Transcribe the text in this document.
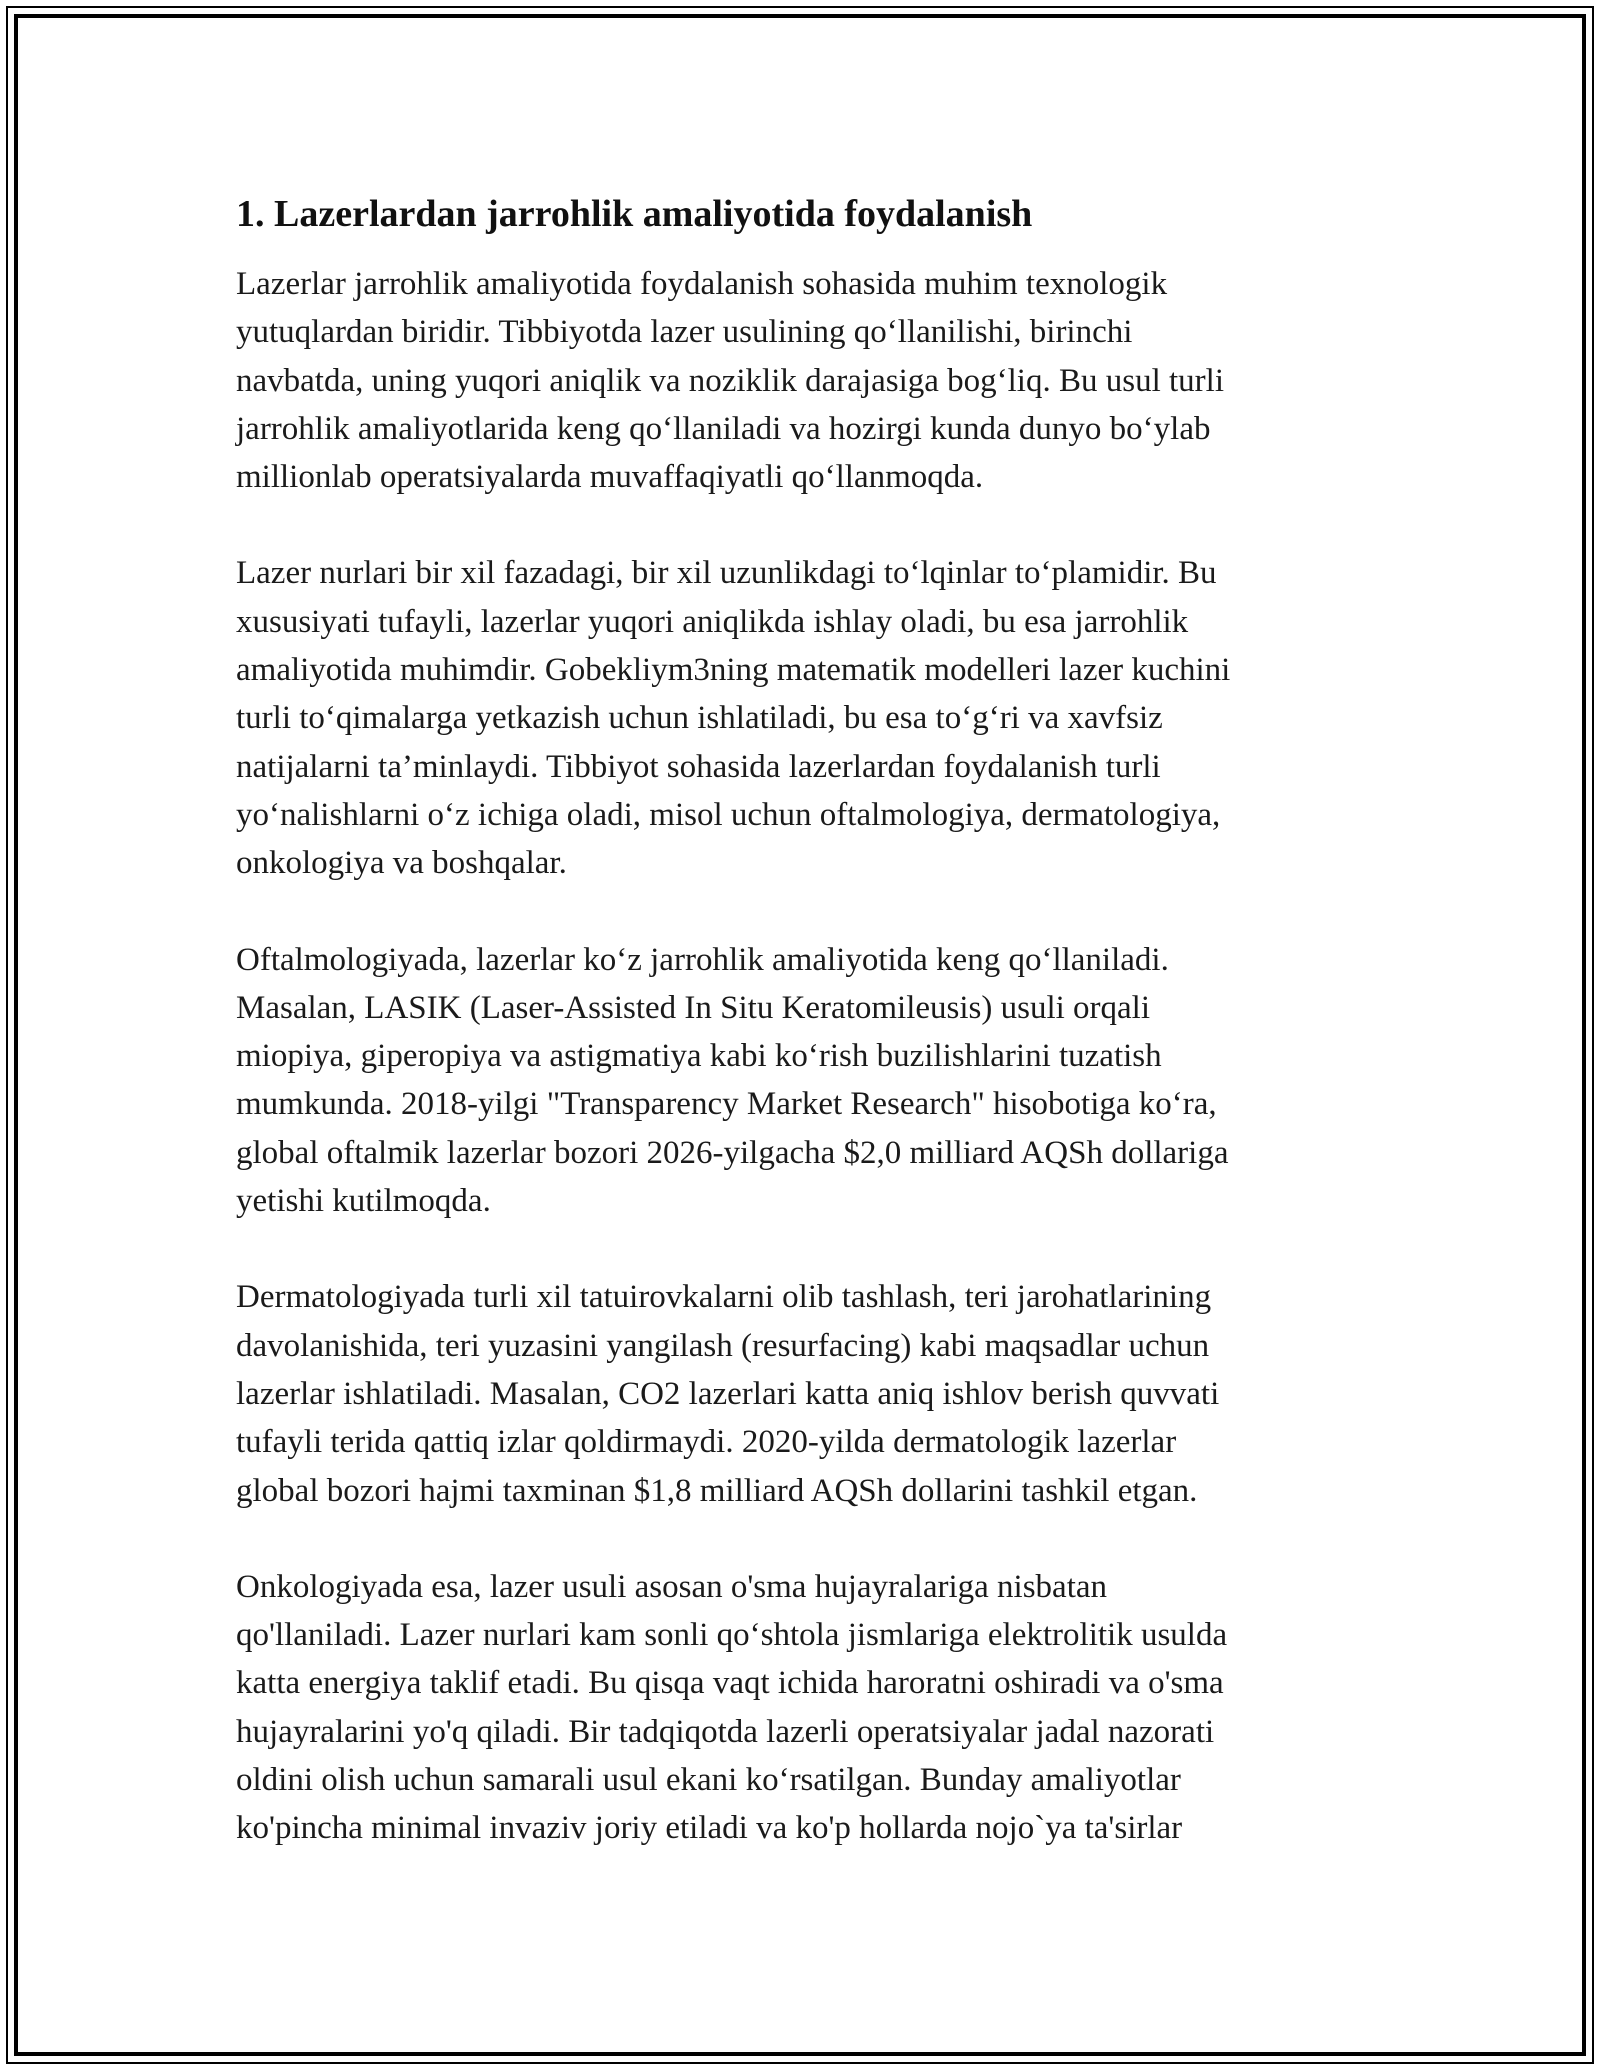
1. Lazerlardan jarrohlik amaliyotida foydalanish

Lazerlar jarrohlik amaliyotida foydalanish sohasida muhim texnologik
yutuqlardan biridir. Tibbiyotda lazer usulining qo‘llanilishi, birinchi
navbatda, uning yuqori aniqlik va noziklik darajasiga bog‘liq. Bu usul turli
jarrohlik amaliyotlarida keng qo‘llaniladi va hozirgi kunda dunyo bo‘ylab
millionlab operatsiyalarda muvaffaqiyatli qo‘llanmoqda.

Lazer nurlari bir xil fazadagi, bir xil uzunlikdagi to‘lqinlar to‘plamidir. Bu
xususiyati tufayli, lazerlar yuqori aniqlikda ishlay oladi, bu esa jarrohlik
amaliyotida muhimdir. Gobekliym3ning matematik modelleri lazer kuchini
turli to‘qimalarga yetkazish uchun ishlatiladi, bu esa to‘g‘ri va xavfsiz
natijalarni ta’minlaydi. Tibbiyot sohasida lazerlardan foydalanish turli
yo‘nalishlarni o‘z ichiga oladi, misol uchun oftalmologiya, dermatologiya,
onkologiya va boshqalar.

Oftalmologiyada, lazerlar ko‘z jarrohlik amaliyotida keng qo‘llaniladi.
Masalan, LASIK (Laser-Assisted In Situ Keratomileusis) usuli orqali
miopiya, giperopiya va astigmatiya kabi ko‘rish buzilishlarini tuzatish
mumkunda. 2018-yilgi "Transparency Market Research" hisobotiga ko‘ra,
global oftalmik lazerlar bozori 2026-yilgacha $2,0 milliard AQSh dollariga
yetishi kutilmoqda.

Dermatologiyada turli xil tatuirovkalarni olib tashlash, teri jarohatlarining
davolanishida, teri yuzasini yangilash (resurfacing) kabi maqsadlar uchun
lazerlar ishlatiladi. Masalan, CO2 lazerlari katta aniq ishlov berish quvvati
tufayli terida qattiq izlar qoldirmaydi. 2020-yilda dermatologik lazerlar
global bozori hajmi taxminan $1,8 milliard AQSh dollarini tashkil etgan.

Onkologiyada esa, lazer usuli asosan o'sma hujayralariga nisbatan
qo'llaniladi. Lazer nurlari kam sonli qo‘shtola jismlariga elektrolitik usulda
katta energiya taklif etadi. Bu qisqa vaqt ichida haroratni oshiradi va o'sma
hujayralarini yo'q qiladi. Bir tadqiqotda lazerli operatsiyalar jadal nazorati
oldini olish uchun samarali usul ekani ko‘rsatilgan. Bunday amaliyotlar
ko'pincha minimal invaziv joriy etiladi va ko'p hollarda nojo`ya ta'sirlar
